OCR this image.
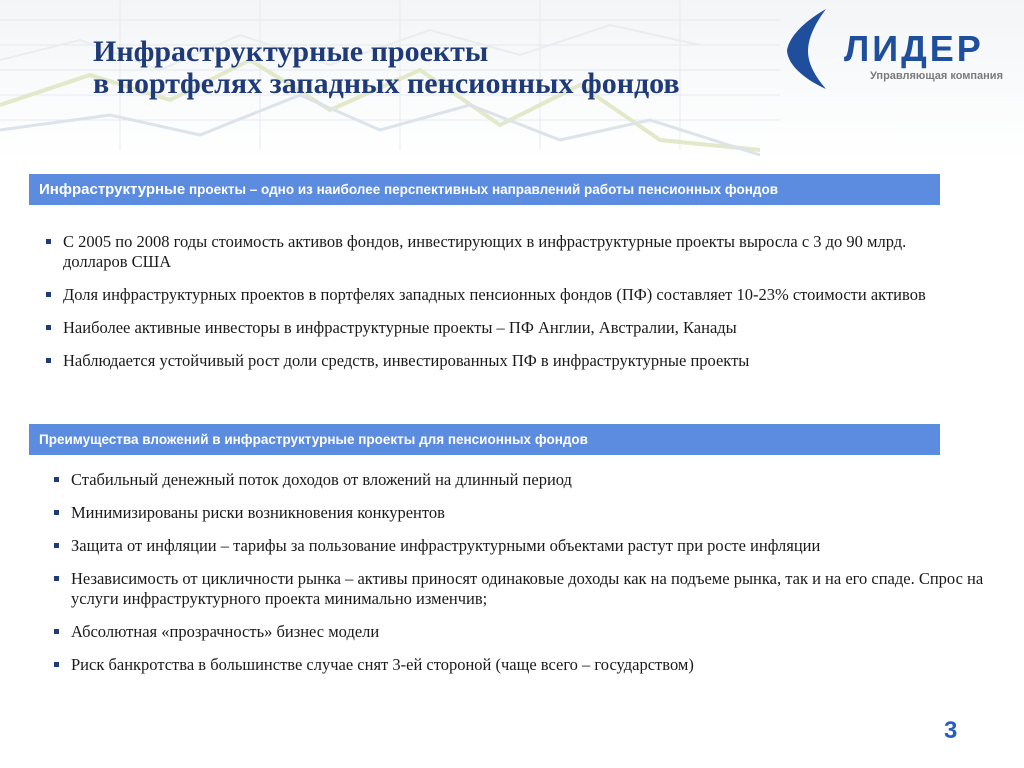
Инфраструктурные проекты
в портфелях западных пенсионных фондов
ЛИДЕР
Управляющая компания
Инфраструктурные проекты – одно из наиболее перспективных направлений работы пенсионных фондов
С 2005 по 2008 годы стоимость активов фондов, инвестирующих в инфраструктурные проекты выросла с 3 до 90 млрд. долларов США
Доля инфраструктурных проектов в портфелях западных пенсионных фондов (ПФ) составляет 10-23% стоимости активов
Наиболее активные инвесторы в инфраструктурные проекты – ПФ Англии, Австралии, Канады
Наблюдается устойчивый рост доли средств, инвестированных ПФ в инфраструктурные проекты
Преимущества вложений в инфраструктурные проекты для пенсионных фондов
Стабильный денежный поток доходов от вложений на длинный период
Минимизированы риски возникновения конкурентов
Защита от инфляции – тарифы за пользование инфраструктурными объектами растут при росте инфляции
Независимость от цикличности рынка – активы приносят одинаковые доходы как на подъеме рынка, так и на его спаде. Спрос на услуги инфраструктурного проекта минимально изменчив;
Абсолютная «прозрачность» бизнес модели
Риск банкротства в большинстве случае снят 3-ей стороной (чаще всего – государством)
3
